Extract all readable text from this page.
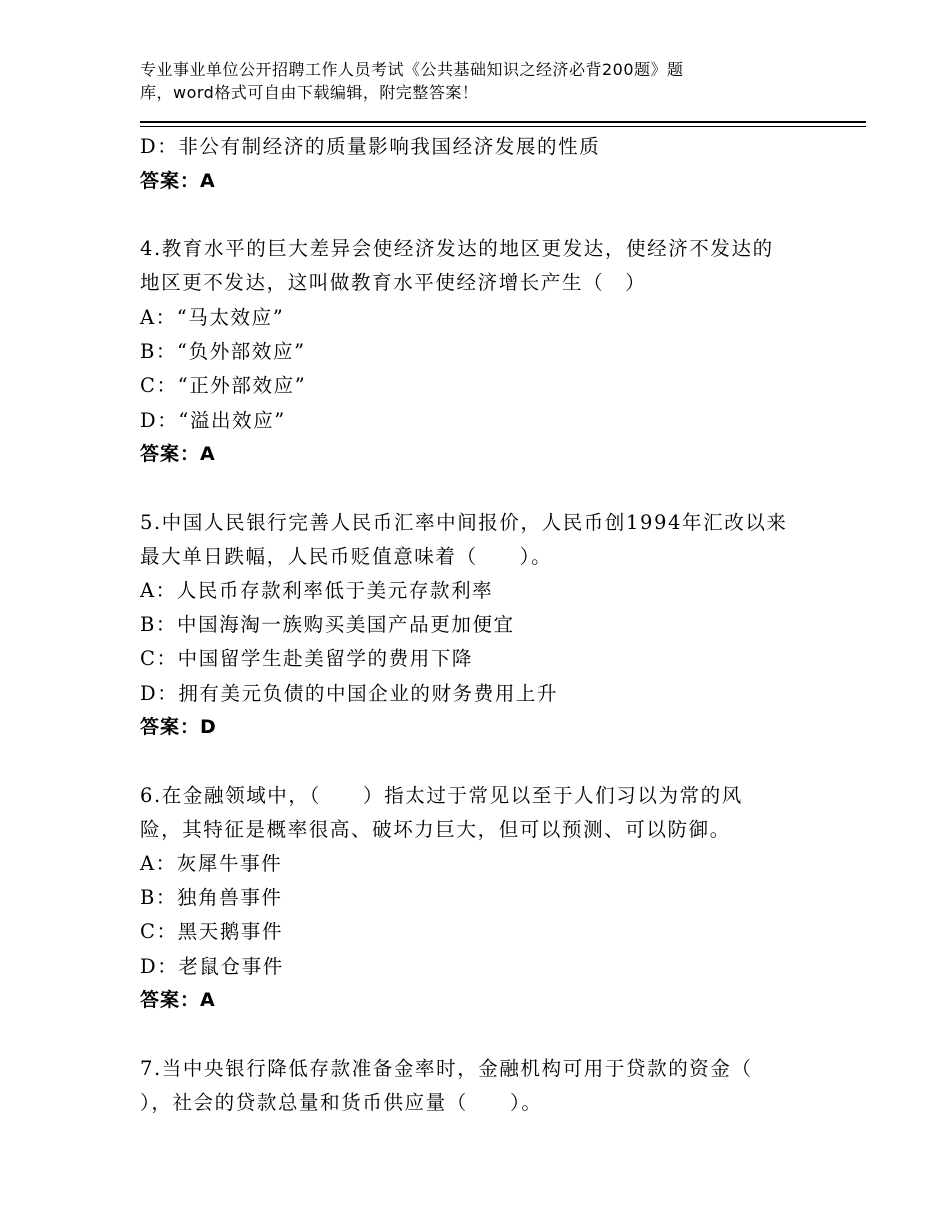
专业事业单位公开招聘工作人员考试《公共基础知识之经济必背200题》题
库，word格式可自由下载编辑，附完整答案！
D：非公有制经济的质量影响我国经济发展的性质
答案：A
4.教育水平的巨大差异会使经济发达的地区更发达，使经济不发达的
地区更不发达，这叫做教育水平使经济增长产生（　）
A：“马太效应”
B：“负外部效应”
C：“正外部效应”
D：“溢出效应”
答案：A
5.中国人民银行完善人民币汇率中间报价，人民币创1994年汇改以来
最大单日跌幅，人民币贬值意味着（　　）。
A：人民币存款利率低于美元存款利率
B：中国海淘一族购买美国产品更加便宜
C：中国留学生赴美留学的费用下降
D：拥有美元负债的中国企业的财务费用上升
答案：D
6.在金融领域中，（　　）指太过于常见以至于人们习以为常的风
险，其特征是概率很高、破坏力巨大，但可以预测、可以防御。
A：灰犀牛事件
B：独角兽事件
C：黑天鹅事件
D：老鼠仓事件
答案：A
7.当中央银行降低存款准备金率时，金融机构可用于贷款的资金（
），社会的贷款总量和货币供应量（　　）。
